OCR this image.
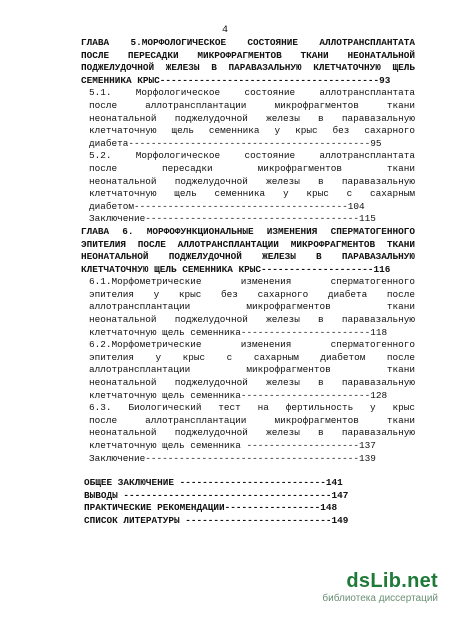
4
ГЛАВА 5.МОРФОЛОГИЧЕСКОЕ СОСТОЯНИЕ АЛЛОТРАНСПЛАНТАТА
ПОСЛЕ ПЕРЕСАДКИ МИКРОФРАГМЕНТОВ ТКАНИ НЕОНАТАЛЬНОЙ
ПОДЖЕЛУДОЧНОЙ ЖЕЛЕЗЫ В ПАРАВАЗАЛЬНУЮ КЛЕТЧАТОЧНУЮ ЩЕЛЬ
СЕМЕННИКА КРЫС---------------------------------------93
5.1. Морфологическое состояние аллотрансплантата
после аллотрансплантации микрофрагментов ткани
неонатальной поджелудочной железы в паравазальную
клетчаточную щель семенника у крыс без сахарного
диабета-------------------------------------------95
5.2. Морфологическое состояние аллотрансплантата
после пересадки микрофрагментов ткани
неонатальной поджелудочной железы в паравазальную
клетчаточную щель семенника у крыс с сахарным
диабетом--------------------------------------104
Заключение--------------------------------------115
ГЛАВА 6. МОРФОФУНКЦИОНАЛЬНЫЕ ИЗМЕНЕНИЯ СПЕРМАТОГЕННОГО
ЭПИТЕЛИЯ ПОСЛЕ АЛЛОТРАНСПЛАНТАЦИИ МИКРОФРАГМЕНТОВ ТКАНИ
НЕОНАТАЛЬНОЙ ПОДЖЕЛУДОЧНОЙ ЖЕЛЕЗЫ В ПАРАВАЗАЛЬНУЮ
КЛЕТЧАТОЧНУЮ ЩЕЛЬ СЕМЕННИКА КРЫС--------------------116
6.1.Морфометрические изменения сперматогенного
эпителия у крыс без сахарного диабета после
аллотрансплантации микрофрагментов ткани
неонатальной поджелудочной железы в паравазальную
клетчаточную щель семенника-----------------------118
6.2.Морфометрические изменения сперматогенного
эпителия у крыс с сахарным диабетом после
аллотрансплантации микрофрагментов ткани
неонатальной поджелудочной железы в паравазальную
клетчаточную щель семенника-----------------------128
6.3. Биологический тест на фертильность у крыс
после аллотрансплантации микрофрагментов ткани
неонатальной поджелудочной железы в паравазальную
клетчаточную щель семенника --------------------137
Заключение--------------------------------------139
ОБЩЕЕ ЗАКЛЮЧЕНИЕ --------------------------141
ВЫВОДЫ -------------------------------------147
ПРАКТИЧЕСКИЕ РЕКОМЕНДАЦИИ-----------------148
СПИСОК ЛИТЕРАТУРЫ --------------------------149
dsLib.net
библиотека диссертаций
